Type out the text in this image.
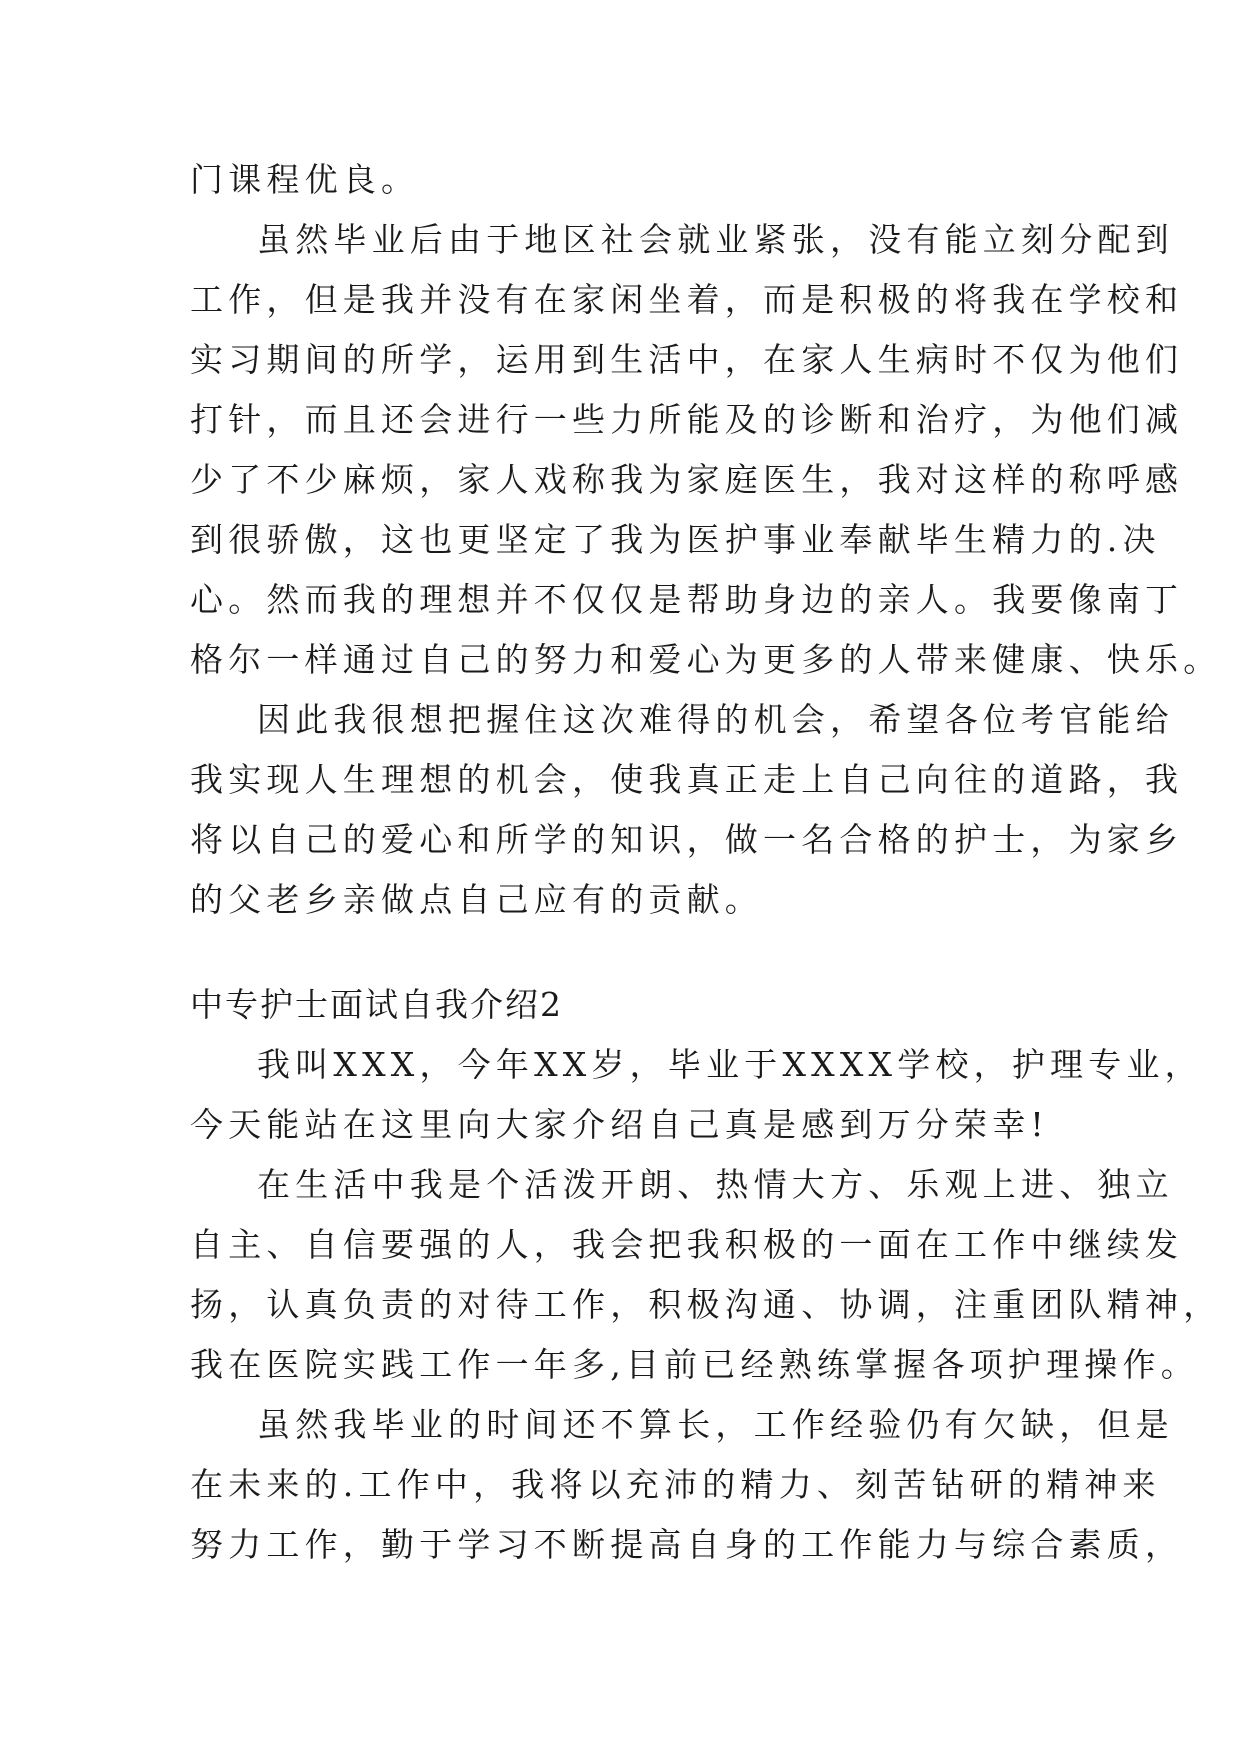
门课程优良。
虽然毕业后由于地区社会就业紧张，没有能立刻分配到
工作，但是我并没有在家闲坐着，而是积极的将我在学校和
实习期间的所学，运用到生活中，在家人生病时不仅为他们
打针，而且还会进行一些力所能及的诊断和治疗，为他们减
少了不少麻烦，家人戏称我为家庭医生，我对这样的称呼感
到很骄傲，这也更坚定了我为医护事业奉献毕生精力的.决
心。然而我的理想并不仅仅是帮助身边的亲人。我要像南丁
格尔一样通过自己的努力和爱心为更多的人带来健康、快乐。
因此我很想把握住这次难得的机会，希望各位考官能给
我实现人生理想的机会，使我真正走上自己向往的道路，我
将以自己的爱心和所学的知识，做一名合格的护士，为家乡
的父老乡亲做点自己应有的贡献。
中专护士面试自我介绍2
我叫XXX，今年XX岁，毕业于XXXX学校，护理专业，
今天能站在这里向大家介绍自己真是感到万分荣幸!
在生活中我是个活泼开朗、热情大方、乐观上进、独立
自主、自信要强的人，我会把我积极的一面在工作中继续发
扬，认真负责的对待工作，积极沟通、协调，注重团队精神，
我在医院实践工作一年多,目前已经熟练掌握各项护理操作。
虽然我毕业的时间还不算长，工作经验仍有欠缺，但是
在未来的.工作中，我将以充沛的精力、刻苦钻研的精神来
努力工作，勤于学习不断提高自身的工作能力与综合素质，
